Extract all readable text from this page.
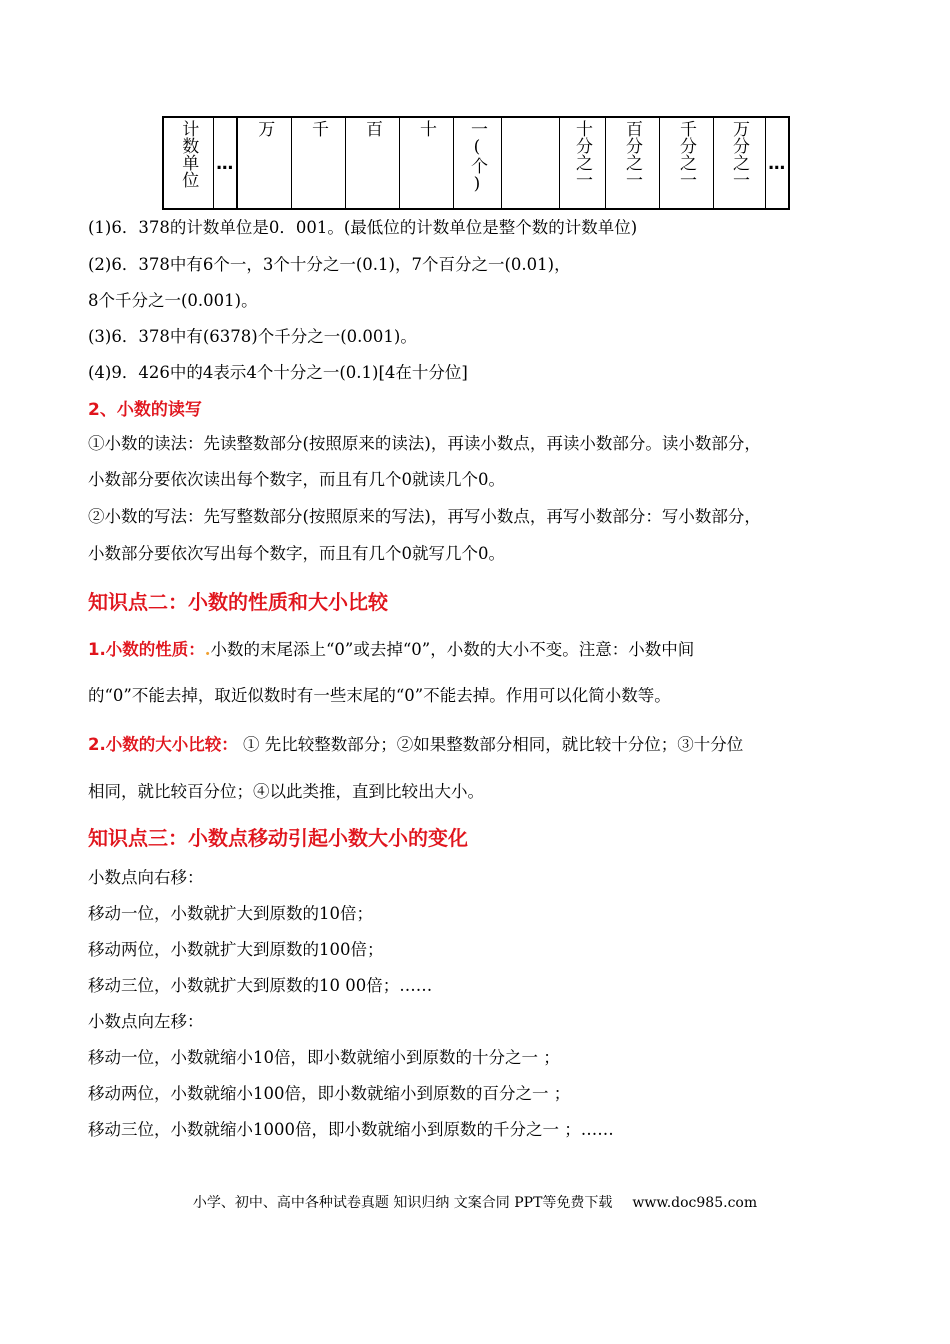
计数单位	…	万	千	百	十	一(个)		十分之一	百分之一	千分之一	万分之一	…

(1)6．378的计数单位是0．001。(最低位的计数单位是整个数的计数单位)

(2)6．378中有6个一，3个十分之一(0.1)，7个百分之一(0.01)，

8个千分之一(0.001)。

(3)6．378中有(6378)个千分之一(0.001)。

(4)9．426中的4表示4个十分之一(0.1)[4在十分位]

2、小数的读写

①小数的读法：先读整数部分(按照原来的读法)，再读小数点，再读小数部分。读小数部分，

小数部分要依次读出每个数字，而且有几个0就读几个0。

②小数的写法：先写整数部分(按照原来的写法)，再写小数点，再写小数部分：写小数部分，

小数部分要依次写出每个数字，而且有几个0就写几个0。

知识点二：小数的性质和大小比较

1.小数的性质：.小数的末尾添上“0”或去掉“0”，小数的大小不变。注意：小数中间

的“0”不能去掉，取近似数时有一些末尾的“0”不能去掉。作用可以化简小数等。

2.小数的大小比较： ① 先比较整数部分；②如果整数部分相同，就比较十分位；③十分位

相同，就比较百分位；④以此类推，直到比较出大小。

知识点三：小数点移动引起小数大小的变化

小数点向右移：

移动一位，小数就扩大到原数的10倍；

移动两位，小数就扩大到原数的100倍；

移动三位，小数就扩大到原数的10 00倍；……

小数点向左移：

移动一位，小数就缩小10倍，即小数就缩小到原数的十分之一 ；

移动两位，小数就缩小100倍，即小数就缩小到原数的百分之一 ；

移动三位，小数就缩小1000倍，即小数就缩小到原数的千分之一 ；……

小学、初中、高中各种试卷真题 知识归纳 文案合同 PPT等免费下载 www.doc985.com
